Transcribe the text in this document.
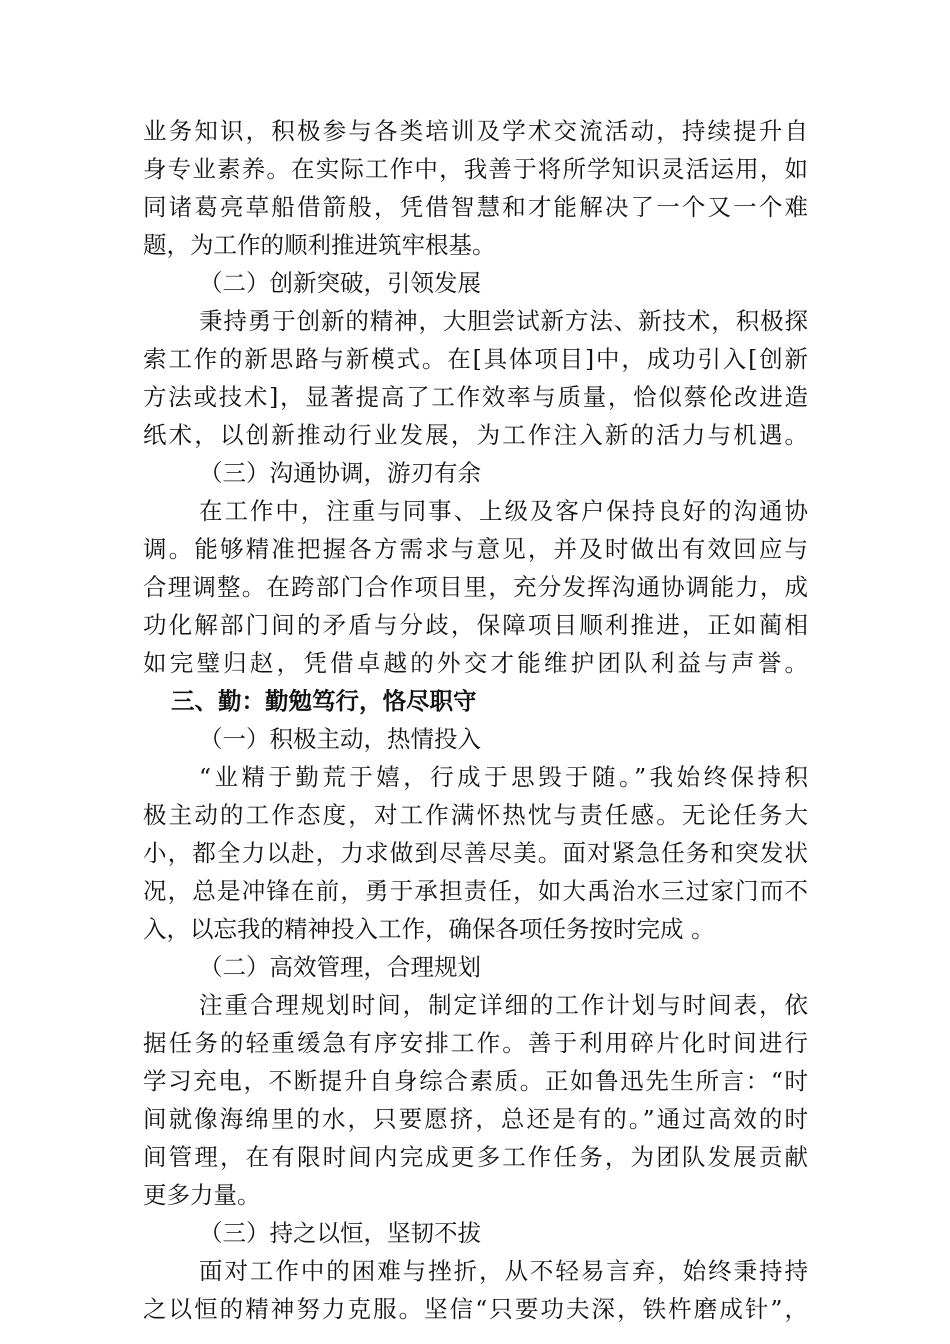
业务知识，积极参与各类培训及学术交流活动，持续提升自
身专业素养。在实际工作中，我善于将所学知识灵活运用，如
同诸葛亮草船借箭般，凭借智慧和才能解决了一个又一个难
题，为工作的顺利推进筑牢根基。
（二）创新突破，引领发展
秉持勇于创新的精神，大胆尝试新方法、新技术，积极探
索工作的新思路与新模式。在[具体项目]中，成功引入[创新
方法或技术]，显著提高了工作效率与质量，恰似蔡伦改进造
纸术，以创新推动行业发展，为工作注入新的活力与机遇。
（三）沟通协调，游刃有余
在工作中，注重与同事、上级及客户保持良好的沟通协
调。能够精准把握各方需求与意见，并及时做出有效回应与
合理调整。在跨部门合作项目里，充分发挥沟通协调能力，成
功化解部门间的矛盾与分歧，保障项目顺利推进，正如蔺相
如完璧归赵，凭借卓越的外交才能维护团队利益与声誉。
三、勤：勤勉笃行，恪尽职守
（一）积极主动，热情投入
“业精于勤荒于嬉，行成于思毁于随。”我始终保持积
极主动的工作态度，对工作满怀热忱与责任感。无论任务大
小，都全力以赴，力求做到尽善尽美。面对紧急任务和突发状
况，总是冲锋在前，勇于承担责任，如大禹治水三过家门而不
入，以忘我的精神投入工作，确保各项任务按时完成 。
（二）高效管理，合理规划
注重合理规划时间，制定详细的工作计划与时间表，依
据任务的轻重缓急有序安排工作。善于利用碎片化时间进行
学习充电，不断提升自身综合素质。正如鲁迅先生所言：“时
间就像海绵里的水，只要愿挤，总还是有的。”通过高效的时
间管理，在有限时间内完成更多工作任务，为团队发展贡献
更多力量。
（三）持之以恒，坚韧不拔
面对工作中的困难与挫折，从不轻易言弃，始终秉持持
之以恒的精神努力克服。坚信“只要功夫深，铁杵磨成针”，
